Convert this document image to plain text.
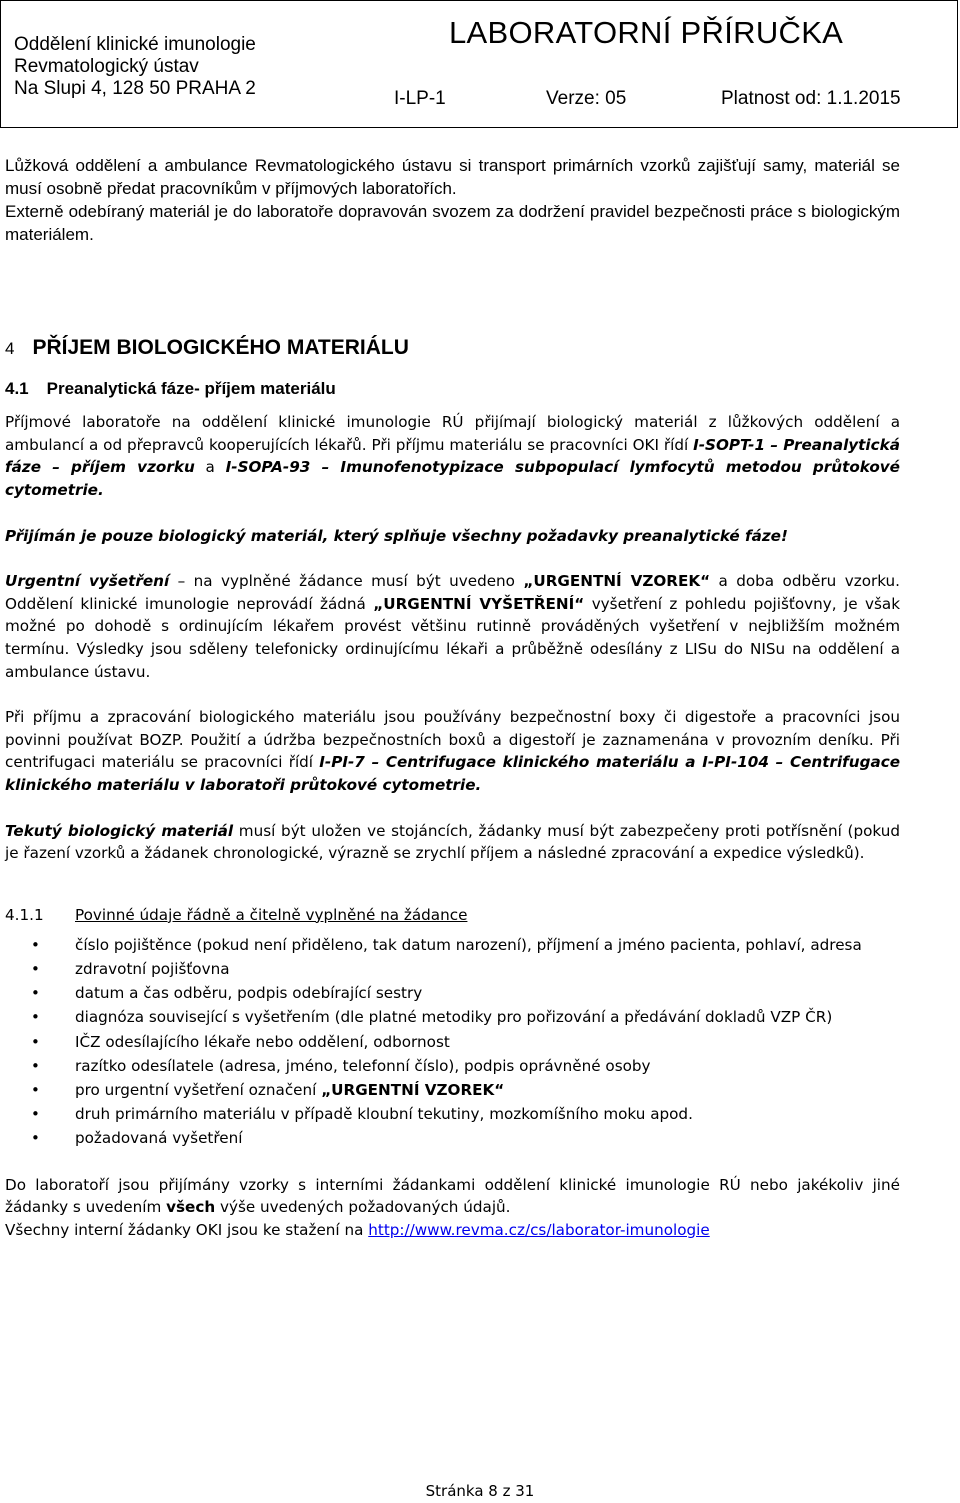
Oddělení klinické imunologie
Revmatologický ústav
Na Slupi 4, 128 50 PRAHA 2
LABORATORNÍ PŘÍRUČKA
I-LP-1	Verze: 05	Platnost od: 1.1.2015

Lůžková oddělení a ambulance Revmatologického ústavu si transport primárních vzorků zajišťují samy, materiál se musí osobně předat pracovníkům v příjmových laboratořích.

Externě odebíraný materiál je do laboratoře dopravován svozem za dodržení pravidel bezpečnosti práce s biologickým materiálem.

4 PŘÍJEM BIOLOGICKÉHO MATERIÁLU
4.1 Preanalytická fáze- příjem materiálu

Příjmové laboratoře na oddělení klinické imunologie RÚ přijímají biologický materiál z lůžkových oddělení a ambulancí a od přepravců kooperujících lékařů. Při příjmu materiálu se pracovníci OKI řídí I-SOPT-1 – Preanalytická fáze – příjem vzorku a I-SOPA-93 – Imunofenotypizace subpopulací lymfocytů metodou průtokové cytometrie.

Přijímán je pouze biologický materiál, který splňuje všechny požadavky preanalytické fáze!

Urgentní vyšetření – na vyplněné žádance musí být uvedeno „URGENTNÍ VZOREK“ a doba odběru vzorku. Oddělení klinické imunologie neprovádí žádná „URGENTNÍ VYŠETŘENÍ“ vyšetření z pohledu pojišťovny, je však možné po dohodě s ordinujícím lékařem provést většinu rutinně prováděných vyšetření v nejbližším možném termínu. Výsledky jsou sděleny telefonicky ordinujícímu lékaři a průběžně odesílány z LISu do NISu na oddělení a ambulance ústavu.

Při příjmu a zpracování biologického materiálu jsou používány bezpečnostní boxy či digestoře a pracovníci jsou povinni používat BOZP. Použití a údržba bezpečnostních boxů a digestoří je zaznamenána v provozním deníku. Při centrifugaci materiálu se pracovníci řídí I-PI-7 – Centrifugace klinického materiálu a I-PI-104 – Centrifugace klinického materiálu v laboratoři průtokové cytometrie.

Tekutý biologický materiál musí být uložen ve stojáncích, žádanky musí být zabezpečeny proti potřísnění (pokud je řazení vzorků a žádanek chronologické, výrazně se zrychlí příjem a následné zpracování a expedice výsledků).

4.1.1 Povinné údaje řádně a čitelně vyplněné na žádance
• číslo pojištěnce (pokud není přiděleno, tak datum narození), příjmení a jméno pacienta, pohlaví, adresa
• zdravotní pojišťovna
• datum a čas odběru, podpis odebírající sestry
• diagnóza související s vyšetřením (dle platné metodiky pro pořizování a předávání dokladů VZP ČR)
• IČZ odesílajícího lékaře nebo oddělení, odbornost
• razítko odesílatele (adresa, jméno, telefonní číslo), podpis oprávněné osoby
• pro urgentní vyšetření označení „URGENTNÍ VZOREK“
• druh primárního materiálu v případě kloubní tekutiny, mozkomíšního moku apod.
• požadovaná vyšetření

Do laboratoří jsou přijímány vzorky s interními žádankami oddělení klinické imunologie RÚ nebo jakékoliv jiné žádanky s uvedením všech výše uvedených požadovaných údajů.

Všechny interní žádanky OKI jsou ke stažení na http://www.revma.cz/cs/laborator-imunologie

Stránka 8 z 31
